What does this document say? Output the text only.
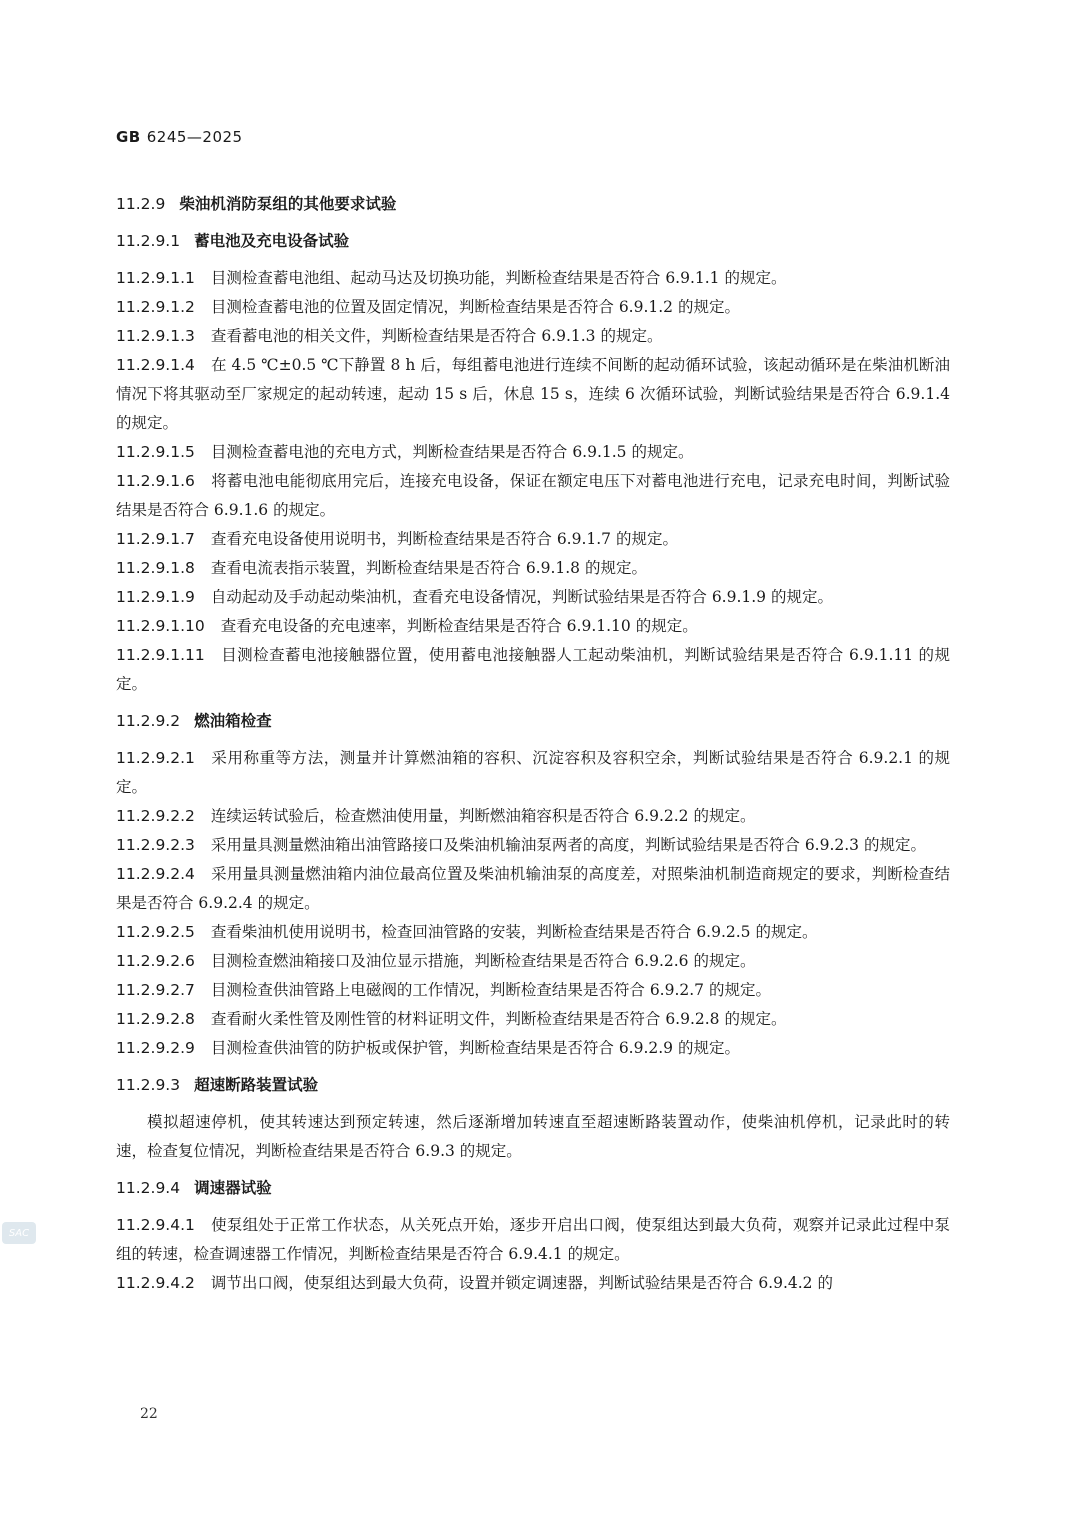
GB 6245—2025
11.2.9 柴油机消防泵组的其他要求试验
11.2.9.1 蓄电池及充电设备试验

11.2.9.1.1 目测检查蓄电池组、起动马达及切换功能，判断检查结果是否符合 6.9.1.1 的规定。

11.2.9.1.2 目测检查蓄电池的位置及固定情况，判断检查结果是否符合 6.9.1.2 的规定。

11.2.9.1.3 查看蓄电池的相关文件，判断检查结果是否符合 6.9.1.3 的规定。

11.2.9.1.4 在 4.5 ℃±0.5 ℃下静置 8 h 后，每组蓄电池进行连续不间断的起动循环试验，该起动循环是在柴油机断油情况下将其驱动至厂家规定的起动转速，起动 15 s 后，休息 15 s，连续 6 次循环试验，判断试验结果是否符合 6.9.1.4 的规定。

11.2.9.1.5 目测检查蓄电池的充电方式，判断检查结果是否符合 6.9.1.5 的规定。

11.2.9.1.6 将蓄电池电能彻底用完后，连接充电设备，保证在额定电压下对蓄电池进行充电，记录充电时间，判断试验结果是否符合 6.9.1.6 的规定。

11.2.9.1.7 查看充电设备使用说明书，判断检查结果是否符合 6.9.1.7 的规定。

11.2.9.1.8 查看电流表指示装置，判断检查结果是否符合 6.9.1.8 的规定。

11.2.9.1.9 自动起动及手动起动柴油机，查看充电设备情况，判断试验结果是否符合 6.9.1.9 的规定。

11.2.9.1.10 查看充电设备的充电速率，判断检查结果是否符合 6.9.1.10 的规定。

11.2.9.1.11 目测检查蓄电池接触器位置，使用蓄电池接触器人工起动柴油机，判断试验结果是否符合 6.9.1.11 的规定。

11.2.9.2 燃油箱检查

11.2.9.2.1 采用称重等方法，测量并计算燃油箱的容积、沉淀容积及容积空余，判断试验结果是否符合 6.9.2.1 的规定。

11.2.9.2.2 连续运转试验后，检查燃油使用量，判断燃油箱容积是否符合 6.9.2.2 的规定。

11.2.9.2.3 采用量具测量燃油箱出油管路接口及柴油机输油泵两者的高度，判断试验结果是否符合 6.9.2.3 的规定。

11.2.9.2.4 采用量具测量燃油箱内油位最高位置及柴油机输油泵的高度差，对照柴油机制造商规定的要求，判断检查结果是否符合 6.9.2.4 的规定。

11.2.9.2.5 查看柴油机使用说明书，检查回油管路的安装，判断检查结果是否符合 6.9.2.5 的规定。

11.2.9.2.6 目测检查燃油箱接口及油位显示措施，判断检查结果是否符合 6.9.2.6 的规定。

11.2.9.2.7 目测检查供油管路上电磁阀的工作情况，判断检查结果是否符合 6.9.2.7 的规定。

11.2.9.2.8 查看耐火柔性管及刚性管的材料证明文件，判断检查结果是否符合 6.9.2.8 的规定。

11.2.9.2.9 目测检查供油管的防护板或保护管，判断检查结果是否符合 6.9.2.9 的规定。

11.2.9.3 超速断路装置试验

模拟超速停机，使其转速达到预定转速，然后逐渐增加转速直至超速断路装置动作，使柴油机停机，记录此时的转速，检查复位情况，判断检查结果是否符合 6.9.3 的规定。

11.2.9.4 调速器试验

11.2.9.4.1 使泵组处于正常工作状态，从关死点开始，逐步开启出口阀，使泵组达到最大负荷，观察并记录此过程中泵组的转速，检查调速器工作情况，判断检查结果是否符合 6.9.4.1 的规定。

11.2.9.4.2 调节出口阀，使泵组达到最大负荷，设置并锁定调速器，判断试验结果是否符合 6.9.4.2 的

SAC
22
